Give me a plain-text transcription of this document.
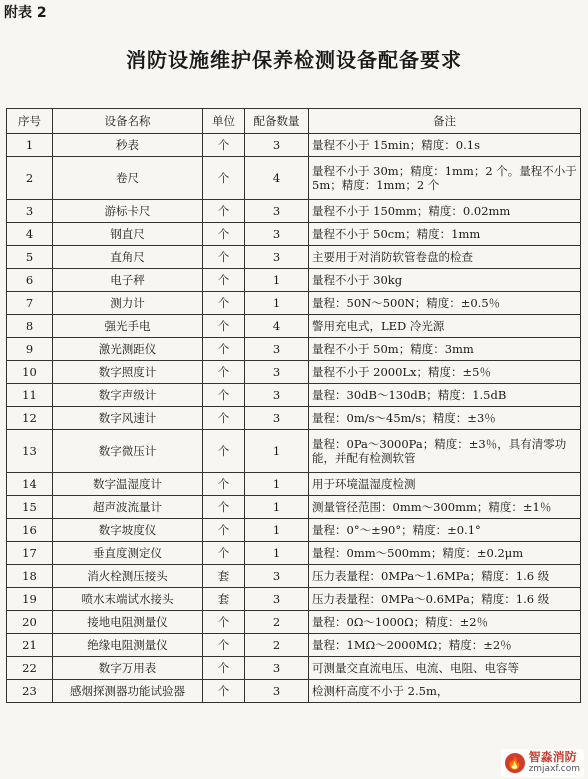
附表 2
消防设施维护保养检测设备配备要求
序号	设备名称	单位	配备数量	备注
1	秒表	个	3	量程不小于 15min；精度：0.1s
2	卷尺	个	4	量程不小于 30m；精度：1mm；2 个。量程不小于 5m；精度：1mm；2 个
3	游标卡尺	个	3	量程不小于 150mm；精度：0.02mm
4	钢直尺	个	3	量程不小于 50cm；精度：1mm
5	直角尺	个	3	主要用于对消防软管卷盘的检查
6	电子秤	个	1	量程不小于 30kg
7	测力计	个	1	量程：50N～500N；精度：±0.5％
8	强光手电	个	4	警用充电式，LED 冷光源
9	激光测距仪	个	3	量程不小于 50m；精度：3mm
10	数字照度计	个	3	量程不小于 2000Lx；精度：±5％
11	数字声级计	个	3	量程：30dB～130dB；精度：1.5dB
12	数字风速计	个	3	量程：0m/s～45m/s；精度：±3％
13	数字微压计	个	1	量程：0Pa～3000Pa；精度：±3％，具有清零功能，并配有检测软管
14	数字温湿度计	个	1	用于环境温湿度检测
15	超声波流量计	个	1	测量管径范围：0mm～300mm；精度：±1％
16	数字坡度仪	个	1	量程：0°～±90°；精度：±0.1°
17	垂直度测定仪	个	1	量程：0mm～500mm；精度：±0.2μm
18	消火栓测压接头	套	3	压力表量程：0MPa～1.6MPa；精度：1.6 级
19	喷水末端试水接头	套	3	压力表量程：0MPa～0.6MPa；精度：1.6 级
20	接地电阻测量仪	个	2	量程：0Ω～1000Ω；精度：±2％
21	绝缘电阻测量仪	个	2	量程：1MΩ～2000MΩ；精度：±2％
22	数字万用表	个	3	可测量交直流电压、电流、电阻、电容等
23	感烟探测器功能试验器	个	3	检测杆高度不小于 2.5m，
🔥 智淼消防
zmjaxf.com
